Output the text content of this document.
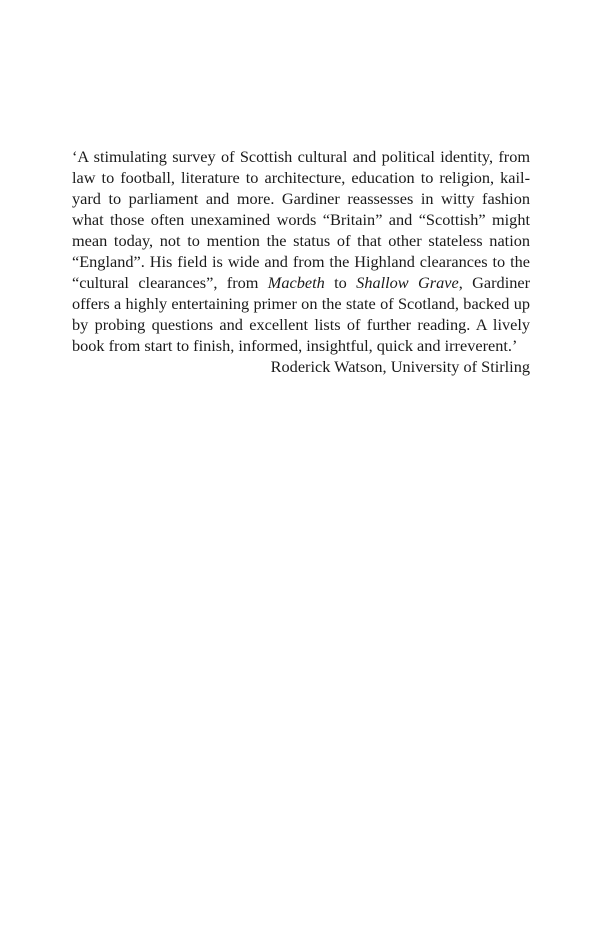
‘A stimulating survey of Scottish cultural and political identity, from
law to football, literature to architecture, education to religion, kail-
yard to parliament and more. Gardiner reassesses in witty fashion
what those often unexamined words “Britain” and “Scottish” might
mean today, not to mention the status of that other stateless nation
“England”. His field is wide and from the Highland clearances to the
“cultural clearances”, from Macbeth to Shallow Grave, Gardiner
offers a highly entertaining primer on the state of Scotland, backed up
by probing questions and excellent lists of further reading. A lively
book from start to finish, informed, insightful, quick and irreverent.’
Roderick Watson, University of Stirling
